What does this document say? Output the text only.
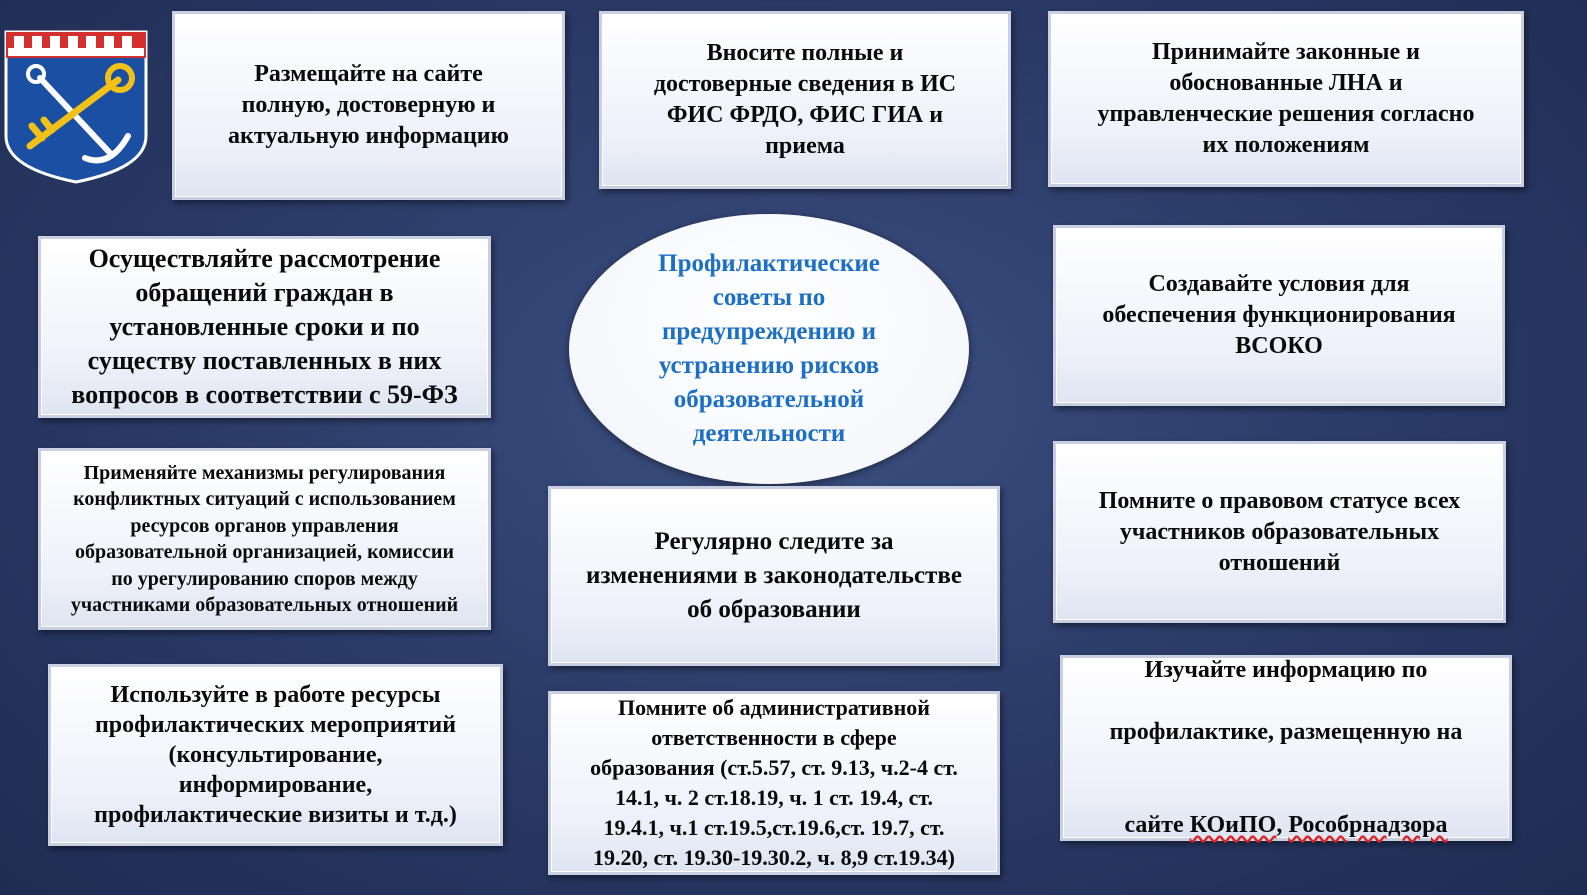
Размещайте на сайте
полную, достоверную и
актуальную информацию
Вносите полные и
достоверные сведения в ИС
ФИС ФРДО, ФИС ГИА и
приема
Принимайте законные и
обоснованные ЛНА и
управленческие решения согласно
их положениям
Осуществляйте рассмотрение
обращений граждан в
установленные сроки и по
существу поставленных в них
вопросов в соответствии с 59-ФЗ
Профилактические
советы по
предупреждению и
устранению рисков
образовательной
деятельности
Создавайте условия для
обеспечения функционирования
ВСОКО
Применяйте механизмы регулирования
конфликтных ситуаций с использованием
ресурсов органов управления
образовательной организацией, комиссии
по урегулированию споров между
участниками образовательных отношений
Регулярно следите за
изменениями в законодательстве
об образовании
Помните о правовом статусе всех
участников образовательных
отношений
Используйте в работе ресурсы
профилактических мероприятий
(консультирование,
информирование,
профилактические визиты и т.д.)
Помните об административной
ответственности в сфере
образования (ст.5.57, ст. 9.13, ч.2-4 ст.
14.1, ч. 2 ст.18.19, ч. 1 ст. 19.4, ст.
19.4.1, ч.1 ст.19.5,ст.19.6,ст. 19.7, ст.
19.20, ст. 19.30-19.30.2, ч. 8,9 ст.19.34)

Изучайте информацию по

профилактике, размещенную на

сайте КОиПО, Рособрнадзора
